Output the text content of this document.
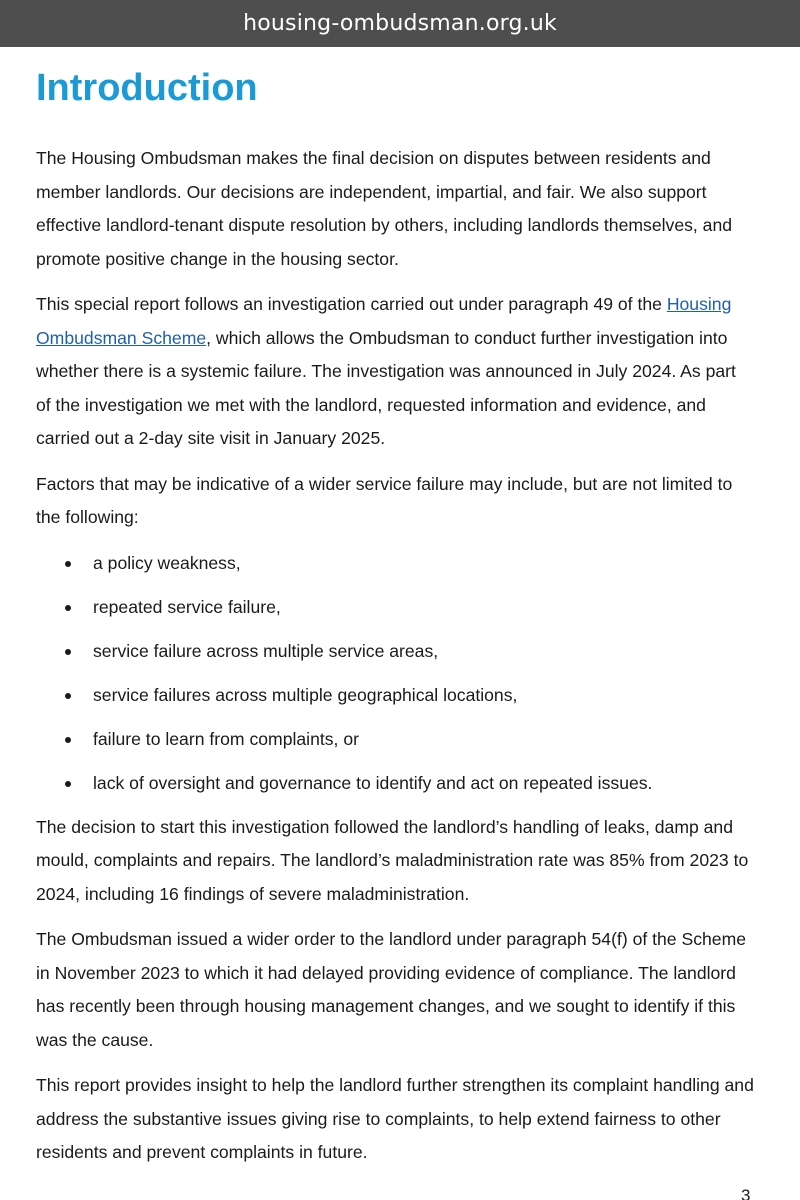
housing-ombudsman.org.uk
Introduction

The Housing Ombudsman makes the final decision on disputes between residents and member landlords. Our decisions are independent, impartial, and fair. We also support effective landlord-tenant dispute resolution by others, including landlords themselves, and promote positive change in the housing sector.

This special report follows an investigation carried out under paragraph 49 of the Housing Ombudsman Scheme, which allows the Ombudsman to conduct further investigation into whether there is a systemic failure. The investigation was announced in July 2024. As part of the investigation we met with the landlord, requested information and evidence, and carried out a 2-day site visit in January 2025.

Factors that may be indicative of a wider service failure may include, but are not limited to the following:

a policy weakness,
repeated service failure,
service failure across multiple service areas,
service failures across multiple geographical locations,
failure to learn from complaints, or
lack of oversight and governance to identify and act on repeated issues.

The decision to start this investigation followed the landlord’s handling of leaks, damp and mould, complaints and repairs. The landlord’s maladministration rate was 85% from 2023 to 2024, including 16 findings of severe maladministration.

The Ombudsman issued a wider order to the landlord under paragraph 54(f) of the Scheme in November 2023 to which it had delayed providing evidence of compliance. The landlord has recently been through housing management changes, and we sought to identify if this was the cause.

This report provides insight to help the landlord further strengthen its complaint handling and address the substantive issues giving rise to complaints, to help extend fairness to other residents and prevent complaints in future.

3
